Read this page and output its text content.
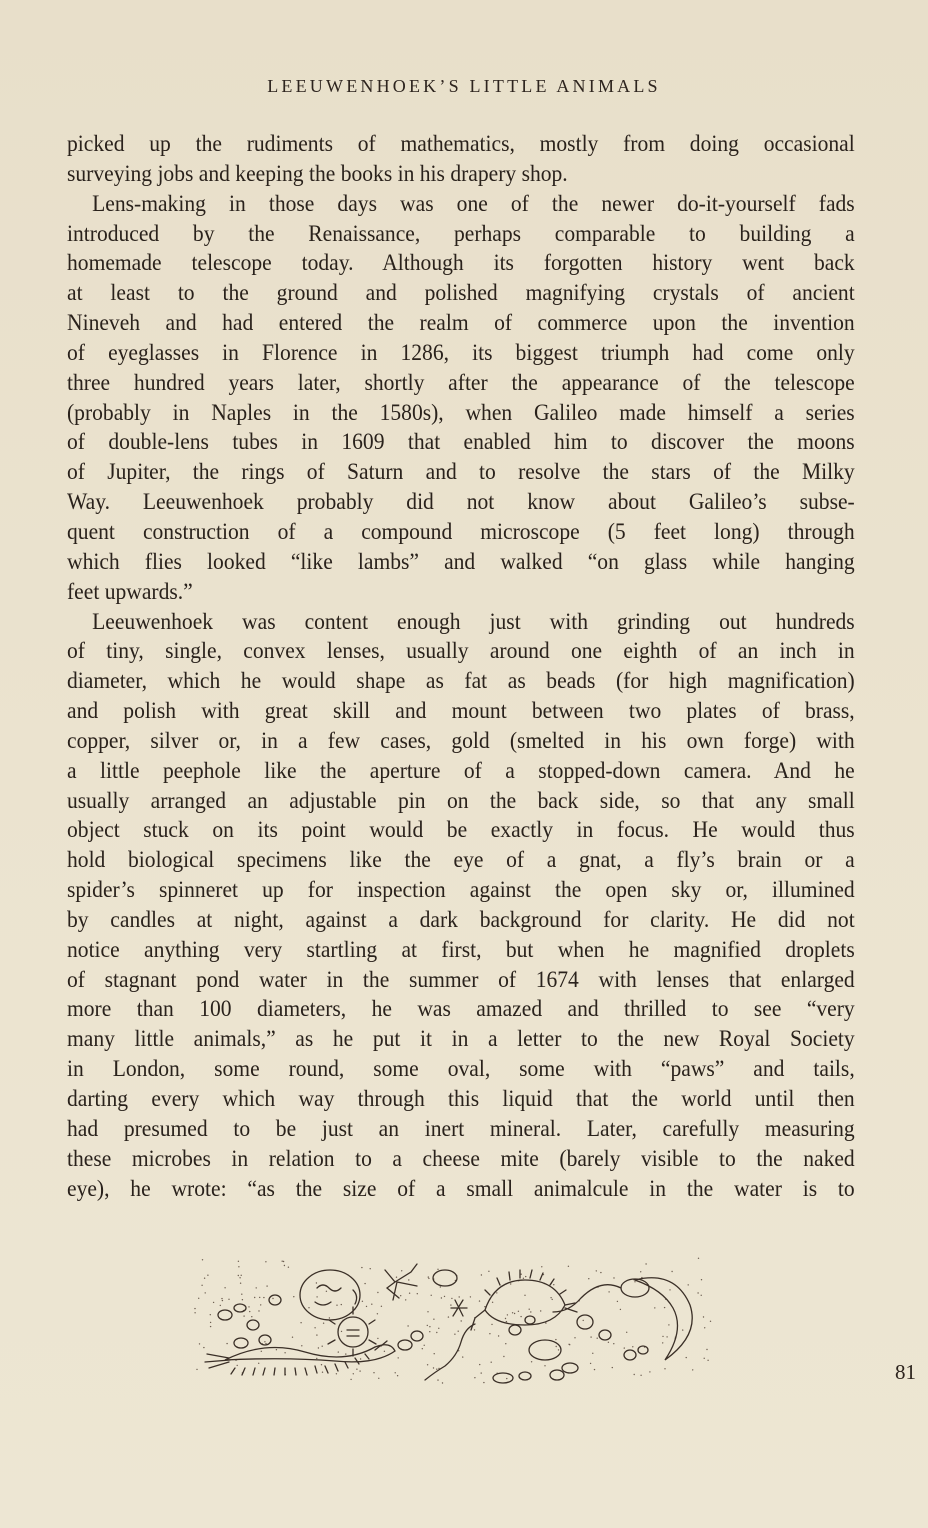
LEEUWENHOEK’S LITTLE ANIMALS
picked up the rudiments of mathematics, mostly from doing occasional
surveying jobs and keeping the books in his drapery shop.
Lens-making in those days was one of the newer do-it-yourself fads
introduced by the Renaissance, perhaps comparable to building a
homemade telescope today. Although its forgotten history went back
at least to the ground and polished magnifying crystals of ancient
Nineveh and had entered the realm of commerce upon the invention
of eyeglasses in Florence in 1286, its biggest triumph had come only
three hundred years later, shortly after the appearance of the telescope
(probably in Naples in the 1580s), when Galileo made himself a series
of double-lens tubes in 1609 that enabled him to discover the moons
of Jupiter, the rings of Saturn and to resolve the stars of the Milky
Way. Leeuwenhoek probably did not know about Galileo’s subse-
quent construction of a compound microscope (5 feet long) through
which flies looked “like lambs” and walked “on glass while hanging
feet upwards.”
Leeuwenhoek was content enough just with grinding out hundreds
of tiny, single, convex lenses, usually around one eighth of an inch in
diameter, which he would shape as fat as beads (for high magnification)
and polish with great skill and mount between two plates of brass,
copper, silver or, in a few cases, gold (smelted in his own forge) with
a little peephole like the aperture of a stopped-down camera. And he
usually arranged an adjustable pin on the back side, so that any small
object stuck on its point would be exactly in focus. He would thus
hold biological specimens like the eye of a gnat, a fly’s brain or a
spider’s spinneret up for inspection against the open sky or, illumined
by candles at night, against a dark background for clarity. He did not
notice anything very startling at first, but when he magnified droplets
of stagnant pond water in the summer of 1674 with lenses that enlarged
more than 100 diameters, he was amazed and thrilled to see “very
many little animals,” as he put it in a letter to the new Royal Society
in London, some round, some oval, some with “paws” and tails,
darting every which way through this liquid that the world until then
had presumed to be just an inert mineral. Later, carefully measuring
these microbes in relation to a cheese mite (barely visible to the naked
eye), he wrote: “as the size of a small animalcule in the water is to
81
